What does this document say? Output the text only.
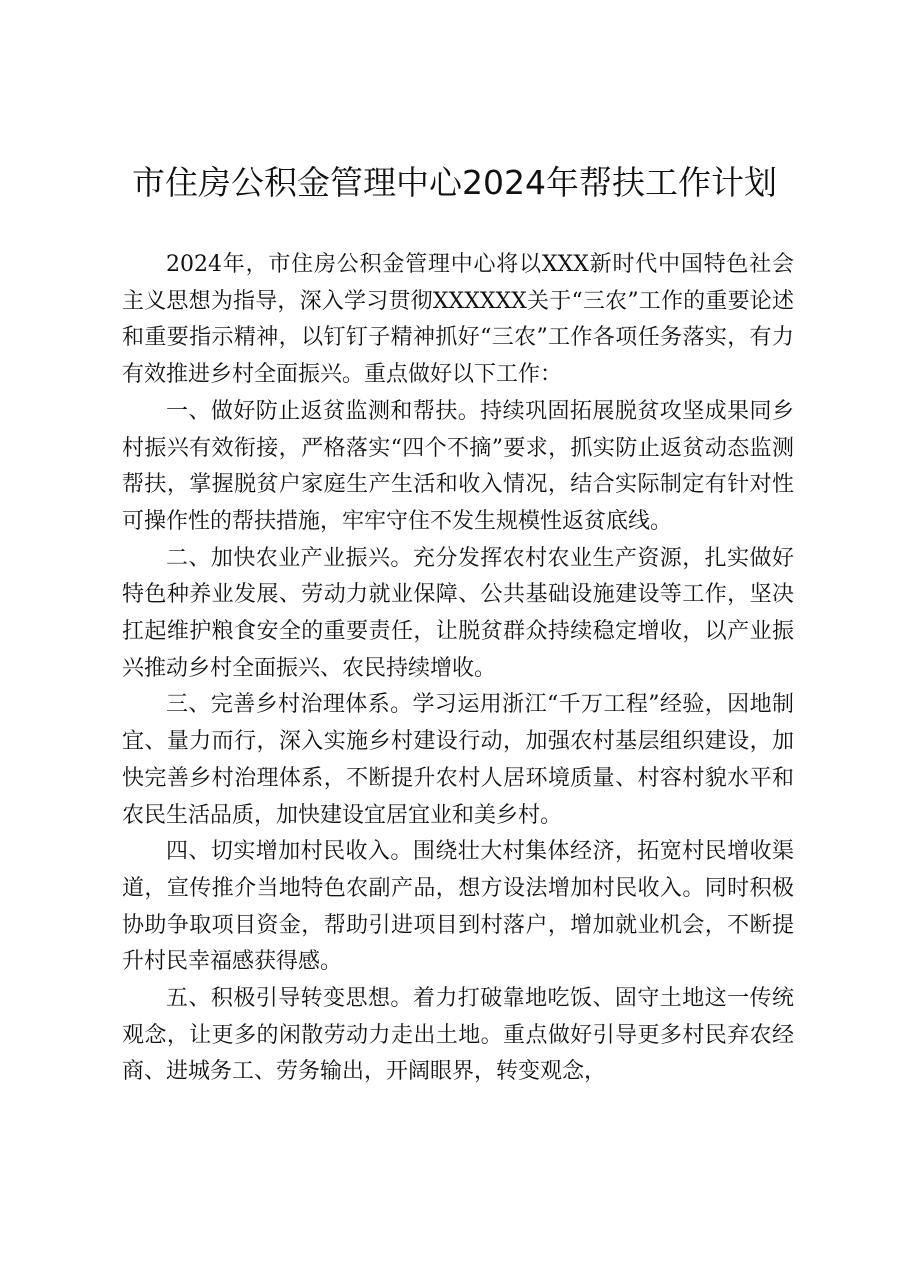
市住房公积金管理中心2024年帮扶工作计划

2024年，市住房公积金管理中心将以XXX新时代中国特色社会主义思想为指导，深入学习贯彻XXXXXX关于“三农”工作的重要论述和重要指示精神，以钉钉子精神抓好“三农”工作各项任务落实，有力有效推进乡村全面振兴。重点做好以下工作：

一、做好防止返贫监测和帮扶。持续巩固拓展脱贫攻坚成果同乡村振兴有效衔接，严格落实“四个不摘”要求，抓实防止返贫动态监测帮扶，掌握脱贫户家庭生产生活和收入情况，结合实际制定有针对性可操作性的帮扶措施，牢牢守住不发生规模性返贫底线。

二、加快农业产业振兴。充分发挥农村农业生产资源，扎实做好特色种养业发展、劳动力就业保障、公共基础设施建设等工作，坚决扛起维护粮食安全的重要责任，让脱贫群众持续稳定增收，以产业振兴推动乡村全面振兴、农民持续增收。

三、完善乡村治理体系。学习运用浙江“千万工程”经验，因地制宜、量力而行，深入实施乡村建设行动，加强农村基层组织建设，加快完善乡村治理体系，不断提升农村人居环境质量、村容村貌水平和农民生活品质，加快建设宜居宜业和美乡村。

四、切实增加村民收入。围绕壮大村集体经济，拓宽村民增收渠道，宣传推介当地特色农副产品，想方设法增加村民收入。同时积极协助争取项目资金，帮助引进项目到村落户，增加就业机会，不断提升村民幸福感获得感。

五、积极引导转变思想。着力打破靠地吃饭、固守土地这一传统观念，让更多的闲散劳动力走出土地。重点做好引导更多村民弃农经商、进城务工、劳务输出，开阔眼界，转变观念，
